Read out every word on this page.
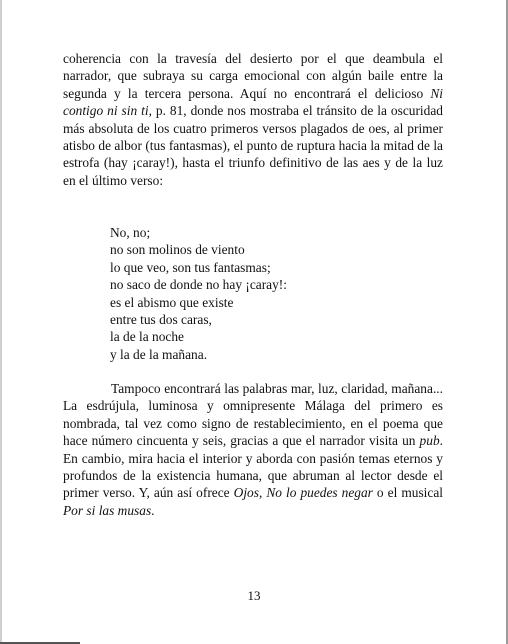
coherencia con la travesía del desierto por el que deambula el narrador, que subraya su carga emocional con algún baile entre la segunda y la tercera persona. Aquí no encontrará el delicioso Ni contigo ni sin ti, p. 81, donde nos mostraba el tránsito de la oscuridad más absoluta de los cuatro primeros versos plagados de oes, al primer atisbo de albor (tus fantasmas), el punto de ruptura hacia la mitad de la estrofa (hay ¡caray!), hasta el triunfo definitivo de las aes y de la luz en el último verso:

No, no;
no son molinos de viento
lo que veo, son tus fantasmas;
no saco de donde no hay ¡caray!:
es el abismo que existe
entre tus dos caras,
la de la noche
y la de la mañana.

Tampoco encontrará las palabras mar, luz, claridad, mañana... La esdrújula, luminosa y omnipresente Málaga del primero es nombrada, tal vez como signo de restablecimiento, en el poema que hace número cincuenta y seis, gracias a que el narrador visita un pub. En cambio, mira hacia el interior y aborda con pasión temas eternos y profundos de la existencia humana, que abruman al lector desde el primer verso. Y, aún así ofrece Ojos, No lo puedes negar o el musical Por si las musas.

13
